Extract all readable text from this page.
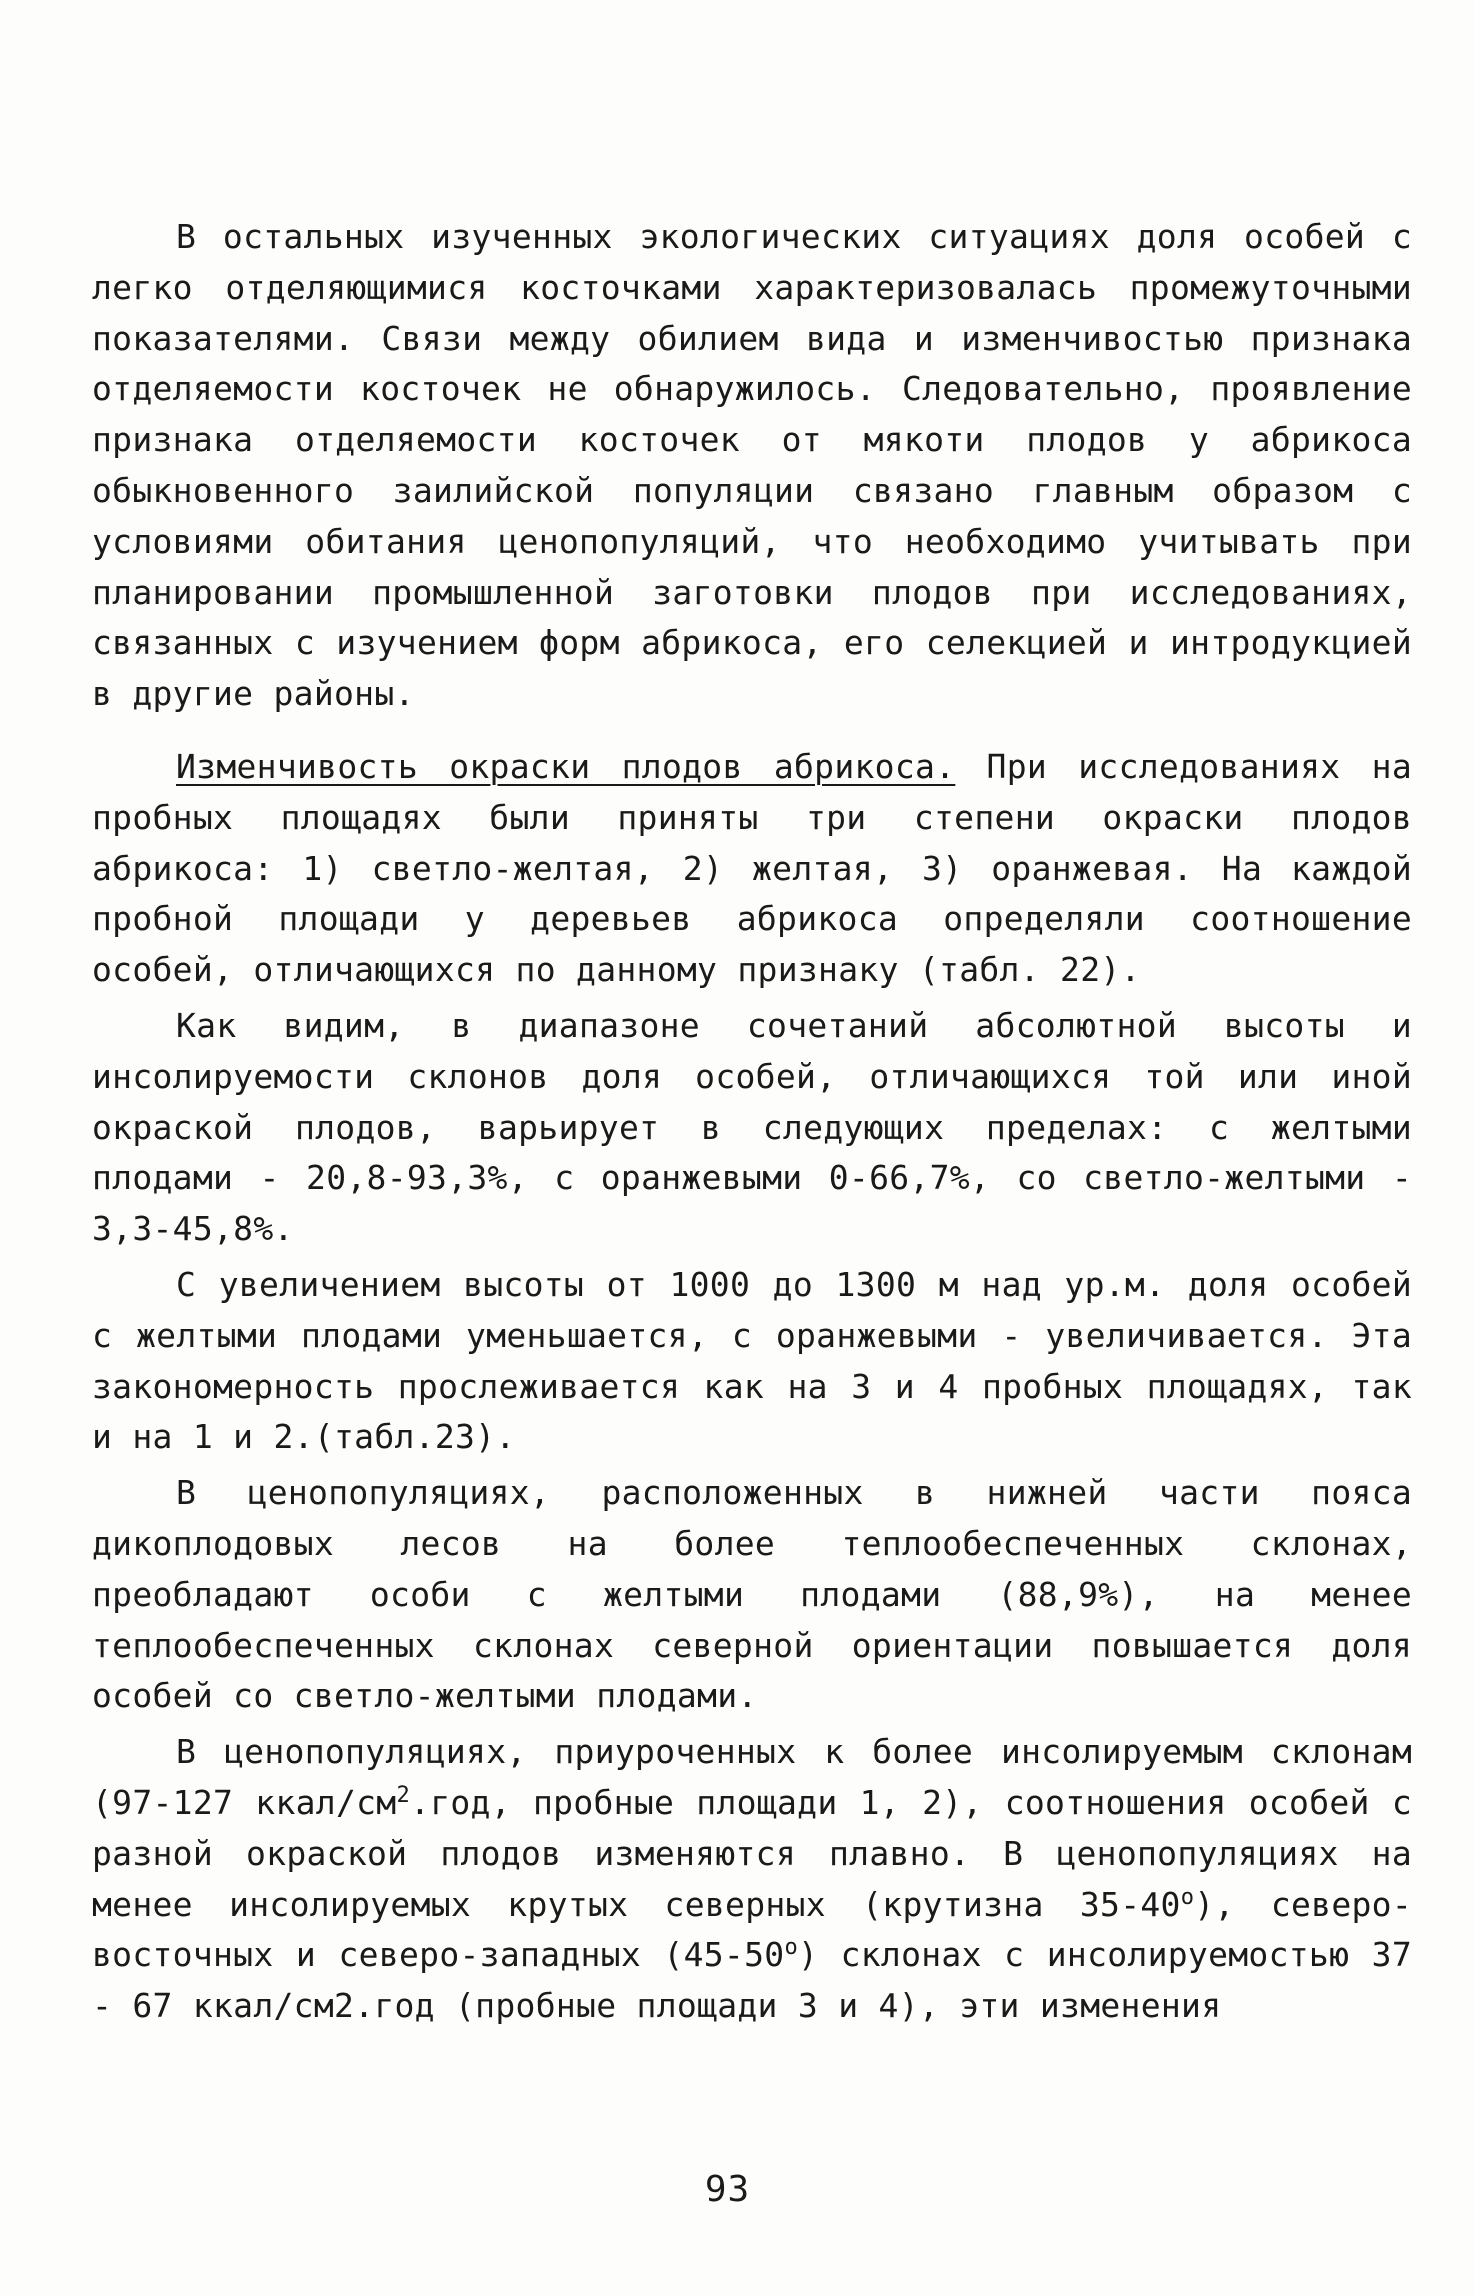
В остальных изученных экологических ситуациях доля особей с легко отделяющимися косточками характеризовалась промежуточными показателями. Связи между обилием вида и изменчивостью признака отделяемости косточек не обнаружилось. Следовательно, проявление признака отделяемости косточек от мякоти плодов у абрикоса обыкновенного заилийской популяции связано главным образом с условиями обитания ценопопуляций, что необходимо учитывать при планировании промышленной заготовки плодов при исследованиях, связанных с изучением форм абрикоса, его селекцией и интродукцией в другие районы.

Изменчивость окраски плодов абрикоса. При исследованиях на пробных площадях были приняты три степени окраски плодов абрикоса: 1) светло-желтая, 2) желтая, 3) оранжевая. На каждой пробной площади у деревьев абрикоса определяли соотношение особей, отличающихся по данному признаку (табл. 22).

Как видим, в диапазоне сочетаний абсолютной высоты и инсолируемости склонов доля особей, отличающихся той или иной окраской плодов, варьирует в следующих пределах: с желтыми плодами - 20,8-93,3%, с оранжевыми 0-66,7%, со светло-желтыми - 3,3-45,8%.

С увеличением высоты от 1000 до 1300 м над ур.м. доля особей с желтыми плодами уменьшается, с оранжевыми - увеличивается. Эта закономерность прослеживается как на 3 и 4 пробных площадях, так и на 1 и 2.(табл.23).

В ценопопуляциях, расположенных в нижней части пояса дикоплодовых лесов на более теплообеспеченных склонах, преобладают особи с желтыми плодами (88,9%), на менее теплообеспеченных склонах северной ориентации повышается доля особей со светло-желтыми плодами.

В ценопопуляциях, приуроченных к более инсолируемым склонам (97-127 ккал/$см^2.год$, пробные площади 1, 2), соотношения особей с разной окраской плодов изменяются плавно. В ценопопуляциях на менее инсолируемых крутых северных (крутизна $35-40^о$), северо-восточных и северо-западных $(45-50^о)$ склонах с инсолируемостью 37 - 67 ккал/см2.год (пробные площади 3 и 4), эти изменения

93
